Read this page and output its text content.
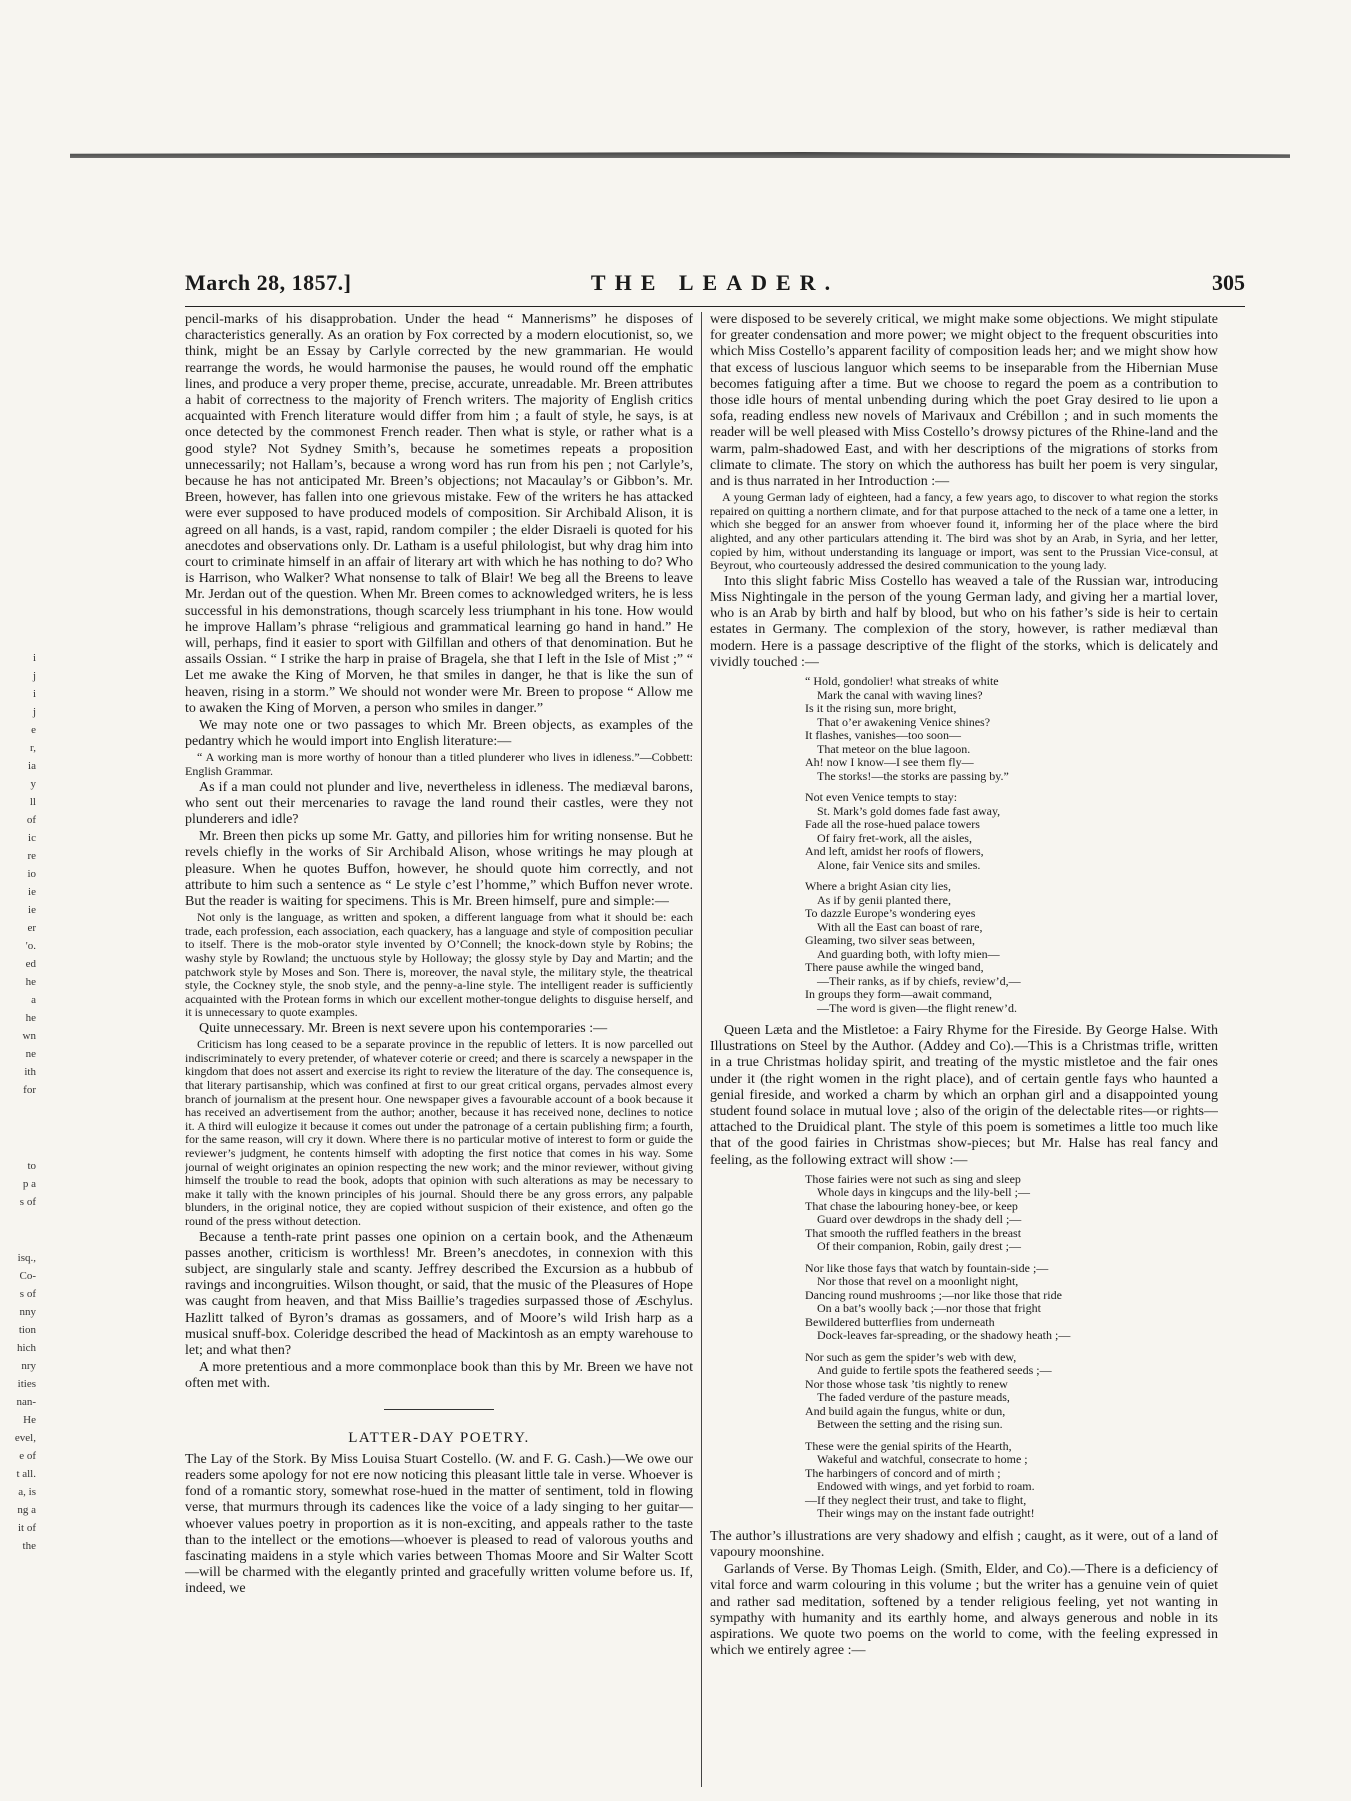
i
j
i
j
e
r,
ia
y
ll
of
ic
re
io
ie
ie
er
'o.
ed
he
a
he
wn
ne
ith
for
to
p a
s of
isq.,
Co-
s of
nny
tion
hich
nry
ities
nan-
He
evel,
e of
t all.
a, is
ng a
it of
the
March 28, 1857.]	THE LEADER.	305

pencil-marks of his disapprobation. Under the head “ Mannerisms” he disposes of characteristics generally. As an oration by Fox corrected by a modern elocutionist, so, we think, might be an Essay by Carlyle corrected by the new grammarian. He would rearrange the words, he would harmonise the pauses, he would round off the emphatic lines, and produce a very proper theme, precise, accurate, unreadable. Mr. Breen attributes a habit of correctness to the majority of French writers. The majority of English critics acquainted with French literature would differ from him ; a fault of style, he says, is at once detected by the commonest French reader. Then what is style, or rather what is a good style? Not Sydney Smith’s, because he sometimes repeats a proposition unnecessarily; not Hallam’s, because a wrong word has run from his pen ; not Carlyle’s, because he has not anticipated Mr. Breen’s objections; not Macaulay’s or Gibbon’s. Mr. Breen, however, has fallen into one grievous mistake. Few of the writers he has attacked were ever supposed to have produced models of composition. Sir Archibald Alison, it is agreed on all hands, is a vast, rapid, random compiler ; the elder Disraeli is quoted for his anecdotes and observations only. Dr. Latham is a useful philologist, but why drag him into court to criminate himself in an affair of literary art with which he has nothing to do? Who is Harrison, who Walker? What nonsense to talk of Blair! We beg all the Breens to leave Mr. Jerdan out of the question. When Mr. Breen comes to acknowledged writers, he is less successful in his demonstrations, though scarcely less triumphant in his tone. How would he improve Hallam’s phrase “religious and grammatical learning go hand in hand.” He will, perhaps, find it easier to sport with Gilfillan and others of that denomination. But he assails Ossian. “ I strike the harp in praise of Bragela, she that I left in the Isle of Mist ;” “ Let me awake the King of Morven, he that smiles in danger, he that is like the sun of heaven, rising in a storm.” We should not wonder were Mr. Breen to propose “ Allow me to awaken the King of Morven, a person who smiles in danger.”

We may note one or two passages to which Mr. Breen objects, as examples of the pedantry which he would import into English literature:—

“ A working man is more worthy of honour than a titled plunderer who lives in idleness.”—Cobbett: English Grammar.

As if a man could not plunder and live, nevertheless in idleness. The mediæval barons, who sent out their mercenaries to ravage the land round their castles, were they not plunderers and idle?

Mr. Breen then picks up some Mr. Gatty, and pillories him for writing nonsense. But he revels chiefly in the works of Sir Archibald Alison, whose writings he may plough at pleasure. When he quotes Buffon, however, he should quote him correctly, and not attribute to him such a sentence as “ Le style c’est l’homme,” which Buffon never wrote. But the reader is waiting for specimens. This is Mr. Breen himself, pure and simple:—

Not only is the language, as written and spoken, a different language from what it should be: each trade, each profession, each association, each quackery, has a language and style of composition peculiar to itself. There is the mob-orator style invented by O’Connell; the knock-down style by Robins; the washy style by Rowland; the unctuous style by Holloway; the glossy style by Day and Martin; and the patchwork style by Moses and Son. There is, moreover, the naval style, the military style, the theatrical style, the Cockney style, the snob style, and the penny-a-line style. The intelligent reader is sufficiently acquainted with the Protean forms in which our excellent mother-tongue delights to disguise herself, and it is unnecessary to quote examples.

Quite unnecessary. Mr. Breen is next severe upon his contemporaries :—

Criticism has long ceased to be a separate province in the republic of letters. It is now parcelled out indiscriminately to every pretender, of whatever coterie or creed; and there is scarcely a newspaper in the kingdom that does not assert and exercise its right to review the literature of the day. The consequence is, that literary partisanship, which was confined at first to our great critical organs, pervades almost every branch of journalism at the present hour. One newspaper gives a favourable account of a book because it has received an advertisement from the author; another, because it has received none, declines to notice it. A third will eulogize it because it comes out under the patronage of a certain publishing firm; a fourth, for the same reason, will cry it down. Where there is no particular motive of interest to form or guide the reviewer’s judgment, he contents himself with adopting the first notice that comes in his way. Some journal of weight originates an opinion respecting the new work; and the minor reviewer, without giving himself the trouble to read the book, adopts that opinion with such alterations as may be necessary to make it tally with the known principles of his journal. Should there be any gross errors, any palpable blunders, in the original notice, they are copied without suspicion of their existence, and often go the round of the press without detection.

Because a tenth-rate print passes one opinion on a certain book, and the Athenæum passes another, criticism is worthless! Mr. Breen’s anecdotes, in connexion with this subject, are singularly stale and scanty. Jeffrey described the Excursion as a hubbub of ravings and incongruities. Wilson thought, or said, that the music of the Pleasures of Hope was caught from heaven, and that Miss Baillie’s tragedies surpassed those of Æschylus. Hazlitt talked of Byron’s dramas as gossamers, and of Moore’s wild Irish harp as a musical snuff-box. Coleridge described the head of Mackintosh as an empty warehouse to let; and what then?

A more pretentious and a more commonplace book than this by Mr. Breen we have not often met with.

LATTER-DAY POETRY.

The Lay of the Stork. By Miss Louisa Stuart Costello. (W. and F. G. Cash.)—We owe our readers some apology for not ere now noticing this pleasant little tale in verse. Whoever is fond of a romantic story, somewhat rose-hued in the matter of sentiment, told in flowing verse, that murmurs through its cadences like the voice of a lady singing to her guitar—whoever values poetry in proportion as it is non-exciting, and appeals rather to the taste than to the intellect or the emotions—whoever is pleased to read of valorous youths and fascinating maidens in a style which varies between Thomas Moore and Sir Walter Scott—will be charmed with the elegantly printed and gracefully written volume before us. If, indeed, we

were disposed to be severely critical, we might make some objections. We might stipulate for greater condensation and more power; we might object to the frequent obscurities into which Miss Costello’s apparent facility of composition leads her; and we might show how that excess of luscious languor which seems to be inseparable from the Hibernian Muse becomes fatiguing after a time. But we choose to regard the poem as a contribution to those idle hours of mental unbending during which the poet Gray desired to lie upon a sofa, reading endless new novels of Marivaux and Crébillon ; and in such moments the reader will be well pleased with Miss Costello’s drowsy pictures of the Rhine-land and the warm, palm-shadowed East, and with her descriptions of the migrations of storks from climate to climate. The story on which the authoress has built her poem is very singular, and is thus narrated in her Introduction :—

A young German lady of eighteen, had a fancy, a few years ago, to discover to what region the storks repaired on quitting a northern climate, and for that purpose attached to the neck of a tame one a letter, in which she begged for an answer from whoever found it, informing her of the place where the bird alighted, and any other particulars attending it. The bird was shot by an Arab, in Syria, and her letter, copied by him, without understanding its language or import, was sent to the Prussian Vice-consul, at Beyrout, who courteously addressed the desired communication to the young lady.

Into this slight fabric Miss Costello has weaved a tale of the Russian war, introducing Miss Nightingale in the person of the young German lady, and giving her a martial lover, who is an Arab by birth and half by blood, but who on his father’s side is heir to certain estates in Germany. The complexion of the story, however, is rather mediæval than modern. Here is a passage descriptive of the flight of the storks, which is delicately and vividly touched :—

“ Hold, gondolier! what streaks of white
Mark the canal with waving lines?
Is it the rising sun, more bright,
That o’er awakening Venice shines?
It flashes, vanishes—too soon—
That meteor on the blue lagoon.
Ah! now I know—I see them fly—
The storks!—the storks are passing by.”
Not even Venice tempts to stay:
St. Mark’s gold domes fade fast away,
Fade all the rose-hued palace towers
Of fairy fret-work, all the aisles,
And left, amidst her roofs of flowers,
Alone, fair Venice sits and smiles.
Where a bright Asian city lies,
As if by genii planted there,
To dazzle Europe’s wondering eyes
With all the East can boast of rare,
Gleaming, two silver seas between,
And guarding both, with lofty mien—
There pause awhile the winged band,
—Their ranks, as if by chiefs, review’d,—
In groups they form—await command,
—The word is given—the flight renew’d.

Queen Læta and the Mistletoe: a Fairy Rhyme for the Fireside. By George Halse. With Illustrations on Steel by the Author. (Addey and Co).—This is a Christmas trifle, written in a true Christmas holiday spirit, and treating of the mystic mistletoe and the fair ones under it (the right women in the right place), and of certain gentle fays who haunted a genial fireside, and worked a charm by which an orphan girl and a disappointed young student found solace in mutual love ; also of the origin of the delectable rites—or rights—attached to the Druidical plant. The style of this poem is sometimes a little too much like that of the good fairies in Christmas show-pieces; but Mr. Halse has real fancy and feeling, as the following extract will show :—

Those fairies were not such as sing and sleep
Whole days in kingcups and the lily-bell ;—
That chase the labouring honey-bee, or keep
Guard over dewdrops in the shady dell ;—
That smooth the ruffled feathers in the breast
Of their companion, Robin, gaily drest ;—
Nor like those fays that watch by fountain-side ;—
Nor those that revel on a moonlight night,
Dancing round mushrooms ;—nor like those that ride
On a bat’s woolly back ;—nor those that fright
Bewildered butterflies from underneath
Dock-leaves far-spreading, or the shadowy heath ;—
Nor such as gem the spider’s web with dew,
And guide to fertile spots the feathered seeds ;—
Nor those whose task ’tis nightly to renew
The faded verdure of the pasture meads,
And build again the fungus, white or dun,
Between the setting and the rising sun.
These were the genial spirits of the Hearth,
Wakeful and watchful, consecrate to home ;
The harbingers of concord and of mirth ;
Endowed with wings, and yet forbid to roam.
—If they neglect their trust, and take to flight,
Their wings may on the instant fade outright!

The author’s illustrations are very shadowy and elfish ; caught, as it were, out of a land of vapoury moonshine.

Garlands of Verse. By Thomas Leigh. (Smith, Elder, and Co).—There is a deficiency of vital force and warm colouring in this volume ; but the writer has a genuine vein of quiet and rather sad meditation, softened by a tender religious feeling, yet not wanting in sympathy with humanity and its earthly home, and always generous and noble in its aspirations. We quote two poems on the world to come, with the feeling expressed in which we entirely agree :—
